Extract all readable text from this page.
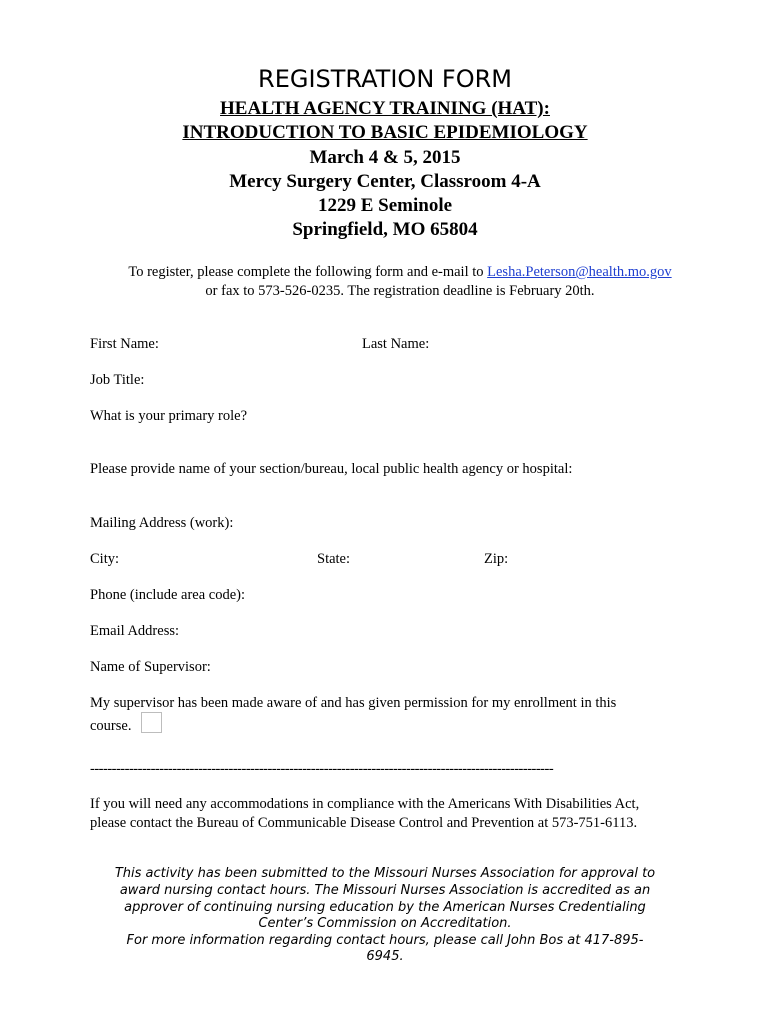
REGISTRATION FORM
HEALTH AGENCY TRAINING (HAT):
INTRODUCTION TO BASIC EPIDEMIOLOGY
March 4 & 5, 2015
Mercy Surgery Center, Classroom 4-A
1229 E Seminole
Springfield, MO 65804
To register, please complete the following form and e-mail to Lesha.Peterson@health.mo.gov
or fax to 573-526-0235. The registration deadline is February 20th.
First Name:	Last Name:
Job Title:
What is your primary role?
Please provide name of your section/bureau, local public health agency or hospital:
Mailing Address (work):
City:	State:	Zip:
Phone (include area code):
Email Address:
Name of Supervisor:
My supervisor has been made aware of and has given permission for my enrollment in this
course.
-----------------------------------------------------------------------------------------------------------
If you will need any accommodations in compliance with the Americans With Disabilities Act,
please contact the Bureau of Communicable Disease Control and Prevention at 573-751-6113.
This activity has been submitted to the Missouri Nurses Association for approval to
award nursing contact hours. The Missouri Nurses Association is accredited as an
approver of continuing nursing education by the American Nurses Credentialing
Center’s Commission on Accreditation.
For more information regarding contact hours, please call John Bos at 417-895-
6945.
